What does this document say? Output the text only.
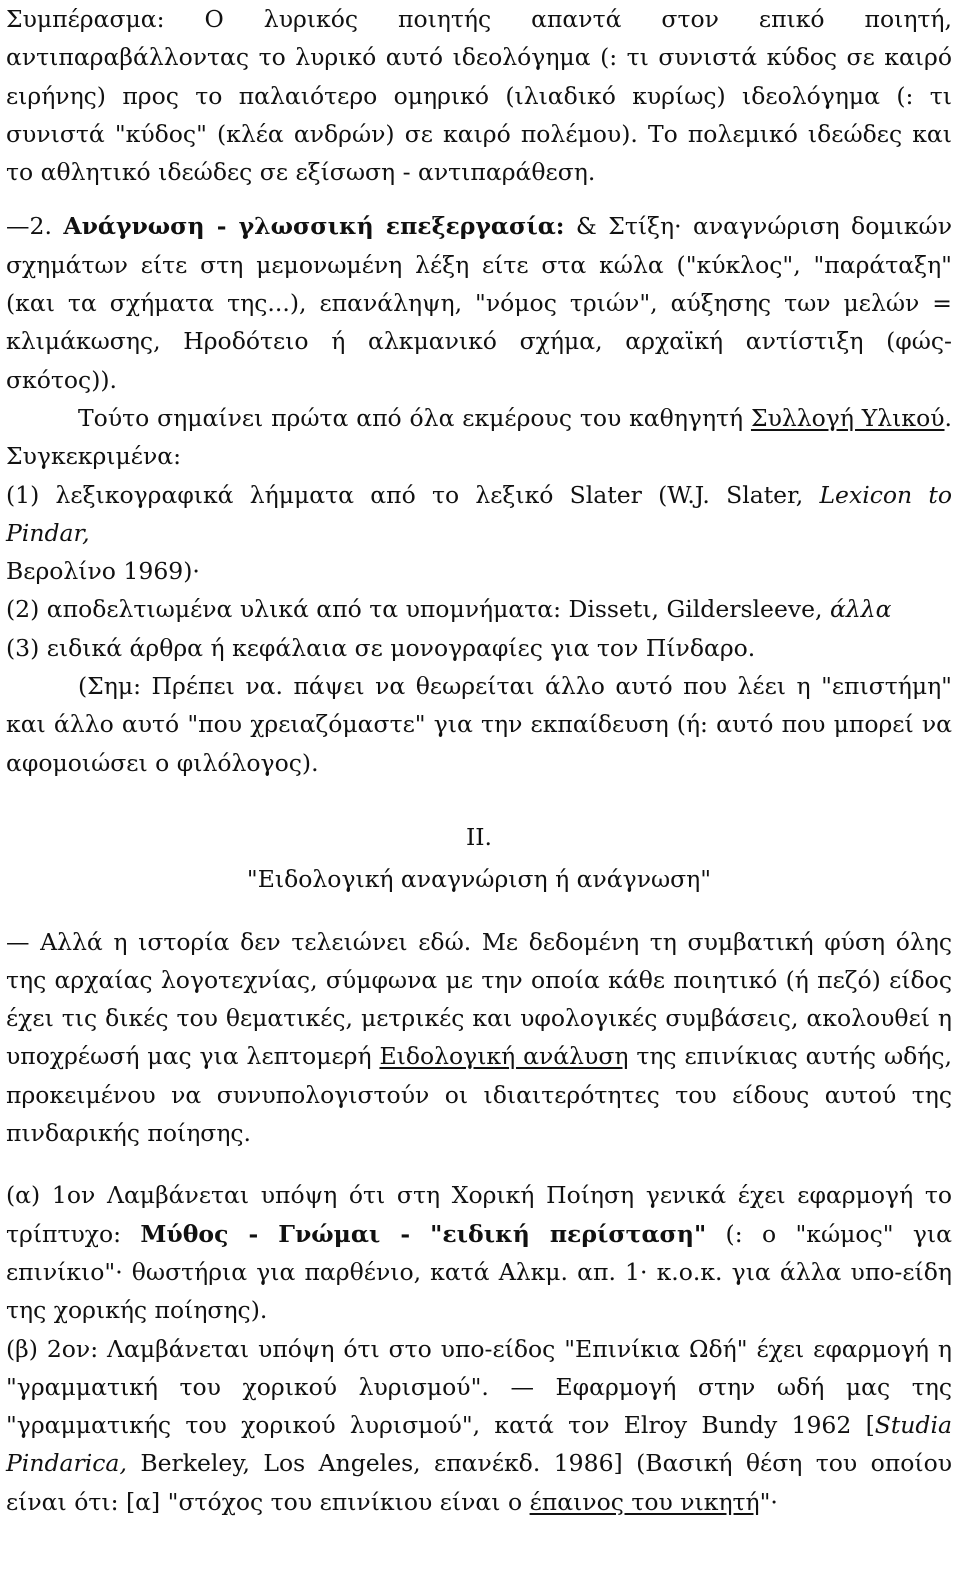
Συμπέρασμα: Ο λυρικός ποιητής απαντά στον επικό ποιητή, αντιπαραβάλλοντας το λυρικό αυτό ιδεολόγημα (: τι συνιστά κύδος σε καιρό ειρήνης) προς το παλαιότερο ομηρικό (ιλιαδικό κυρίως) ιδεολόγημα (: τι συνιστά "κύδος" (κλέα ανδρών) σε καιρό πολέμου). Το πολεμικό ιδεώδες και το αθλητικό ιδεώδες σε εξίσωση - αντιπαράθεση.

—2. Ανάγνωση - γλωσσική επεξεργασία: & Στίξη· αναγνώριση δομικών σχημάτων είτε στη μεμονωμένη λέξη είτε στα κώλα ("κύκλος", "παράταξη" (και τα σχήματα της...), επανάληψη, "νόμος τριών", αύξησης των μελών = κλιμάκωσης, Ηροδότειο ή αλκμανικό σχήμα, αρχαϊκή αντίστιξη (φώς-σκότος)).

Τούτο σημαίνει πρώτα από όλα εκμέρους του καθηγητή Συλλογή Υλικού. Συγκεκριμένα:

(1) λεξικογραφικά λήμματα από το λεξικό Slater (W.J. Slater, Lexicon to Pindar,

Βερολίνο 1969)·

(2) αποδελτιωμένα υλικά από τα υπομνήματα: Dissetι, Gildersleeve, άλλα

(3) ειδικά άρθρα ή κεφάλαια σε μονογραφίες για τον Πίνδαρο.

(Σημ: Πρέπει να. πάψει να θεωρείται άλλο αυτό που λέει η "επιστήμη" και άλλο αυτό "που χρειαζόμαστε" για την εκπαίδευση (ή: αυτό που μπορεί να αφομοιώσει ο φιλόλογος).

II.

"Ειδολογική αναγνώριση ή ανάγνωση"

— Αλλά η ιστορία δεν τελειώνει εδώ. Με δεδομένη τη συμβατική φύση όλης της αρχαίας λογοτεχνίας, σύμφωνα με την οποία κάθε ποιητικό (ή πεζό) είδος έχει τις δικές του θεματικές, μετρικές και υφολογικές συμβάσεις, ακολουθεί η υποχρέωσή μας για λεπτομερή Ειδολογική ανάλυση της επινίκιας αυτής ωδής, προκειμένου να συνυπολογιστούν οι ιδιαιτερότητες του είδους αυτού της πινδαρικής ποίησης.

(α) 1ον Λαμβάνεται υπόψη ότι στη Χορική Ποίηση γενικά έχει εφαρμογή το τρίπτυχο: Μύθος - Γνώμαι - "ειδική περίσταση" (: ο "κώμος" για επινίκιο"· θωστήρια για παρθένιο, κατά Αλκμ. απ. 1· κ.ο.κ. για άλλα υπο-είδη της χορικής ποίησης).

(β) 2ον: Λαμβάνεται υπόψη ότι στο υπο-είδος "Επινίκια Ωδή" έχει εφαρμογή η "γραμματική του χορικού λυρισμού". — Εφαρμογή στην ωδή μας της "γραμματικής του χορικού λυρισμού", κατά τον Elroy Bundy 1962 [Studia Pindarica, Berkeley, Los Angeles, επανέκδ. 1986] (Βασική θέση του οποίου είναι ότι: [α] "στόχος του επινίκιου είναι ο έπαινος του νικητή"·
